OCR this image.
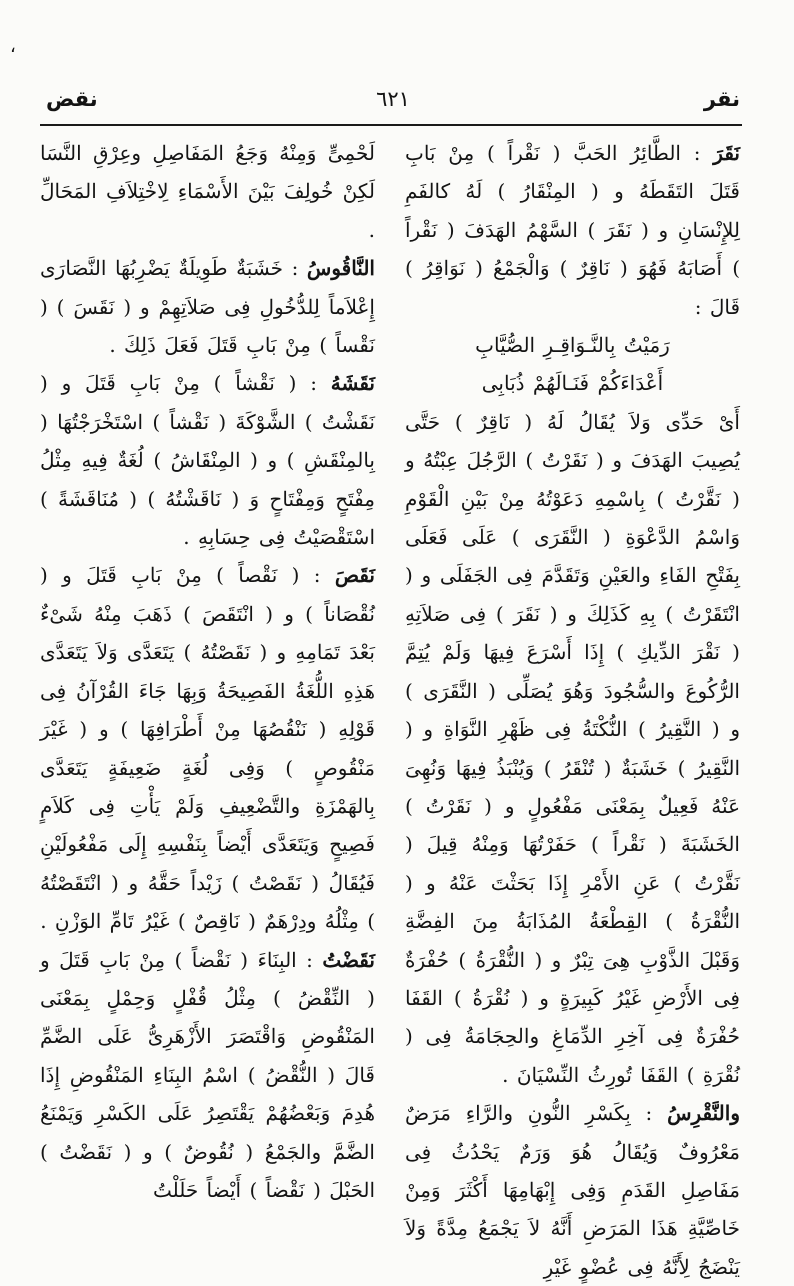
،
نقر
٦٢١
نقض

نَقَرَ : الطَّائِرُ الحَبَّ ( نَقْراً ) مِنْ بَابِ قَتَلَ التَقَطَهُ و ( المِنْقَارُ ) لَهُ كالفَمِ لِلإِنْسَانِ و ( نَقَرَ ) السَّهْمُ الهَدَفَ ( نَقْراً ) أَصَابَهُ فَهُوَ ( نَاقِرٌ ) وَالْجَمْعُ ( نَوَاقِرُ ) قَالَ :

رَمَيْتُ بِالنَّـوَاقِـرِ الصُّيَّابِ

أَعْدَاءَكُمْ فَنَـالَهُمْ ذُبَابِى

أَىْ حَدِّى وَلاَ يُقَالُ لَهُ ( نَاقِرٌ ) حَتَّى يُصِيبَ الهَدَفَ و ( نَقَرْتُ ) الرَّجُلَ عِبْتُهُ و ( نَقَّرْتُ ) بِاسْمِهِ دَعَوْتُهُ مِنْ بَيْنِ الْقَوْمِ وَاسْمُ الدَّعْوَةِ ( النَّقَرَى ) عَلَى فَعَلَى بِفَتْحِ الفَاءِ والعَيْنِ وَتَقَدَّمَ فِى الجَفَلَى و ( انْتَقَرْتُ ) بِهِ كَذَلِكَ و ( نَقَرَ ) فِى صَلاَتِهِ ( نَقْرَ الدِّيكِ ) إِذَا أَسْرَعَ فِيهَا وَلَمْ يُتِمَّ الرُّكُوعَ والسُّجُودَ وَهُوَ يُصَلِّى ( النَّقَرَى ) و ( النَّقِيرُ ) النُّكْتَةُ فِى ظَهْرِ النَّوَاةِ و ( النَّقِيرُ ) خَشَبَةٌ ( تُنْقَرُ ) وَيُنْبَذُ فِيهَا وَنُهِىَ عَنْهُ فَعِيلٌ بِمَعْنَى مَفْعُولٍ و ( نَقَرْتُ ) الخَشَبَةَ ( نَقْراً ) حَفَرْتُهَا وَمِنْهُ قِيلَ ( نَقَّرْتُ ) عَنِ الأَمْرِ إِذَا بَحَثْتَ عَنْهُ و ( النُّقْرَةُ ) القِطْعَةُ المُذَابَةُ مِنَ الفِضَّةِ وَقَبْلَ الذَّوْبِ هِىَ تِبْرٌ و ( النُّقْرَةُ ) حُفْرَةٌ فِى الأَرْضِ غَيْرُ كَبِيرَةٍ و ( نُقْرَةُ ) القَفَا حُفْرَةٌ فِى آخِرِ الدِّمَاغِ والحِجَامَةُ فِى ( نُقْرَةِ ) القَفَا تُورِثُ النِّسْيَانَ .

والنَّقْرِسُ : بِكَسْرِ النُّونِ والرَّاءِ مَرَضٌ مَعْرُوفٌ وَيُقَالُ هُوَ وَرَمٌ يَحْدُثُ فِى مَفَاصِلِ القَدَمِ وَفِى إِبْهَامِهَا أَكْثَرَ وَمِنْ خَاصِّيَّةِ هَذَا المَرَضِ أَنَّهُ لاَ يَجْمَعُ مِدَّةً وَلاَ يَنْضَجُ لِأَنَّهُ فِى عُضْوٍ غَيْرِ

لَحْمِىٍّ وَمِنْهُ وَجَعُ المَفَاصِلِ وعِرْقِ النَّسَا لَكِنْ خُولِفَ بَيْنَ الأَسْمَاءِ لِاخْتِلاَفِ المَحَالِّ .

النَّاقُوسُ : خَشَبَةٌ طَوِيلَةٌ يَضْرِبُهَا النَّصَارَى إِعْلاَماً لِلدُّخُولِ فِى صَلاَتِهِمْ و ( نَقَسَ ) ( نَقْساً ) مِنْ بَابِ قَتَلَ فَعَلَ ذَلِكَ .

نَقَشَهُ : ( نَقْشاً ) مِنْ بَابِ قَتَلَ و ( نَقَشْتُ ) الشَّوْكَةَ ( نَقْشاً ) اسْتَخْرَجْتُهَا ( بِالمِنْقَشِ ) و ( المِنْقَاشُ ) لُغَةٌ فِيهِ مِثْلُ مِفْتَحٍ وَمِفْتَاحٍ وَ ( نَاقَشْتُهُ ) ( مُنَاقَشَةً ) اسْتَقْصَيْتُ فِى حِسَابِهِ .

نَقَصَ : ( نَقْصاً ) مِنْ بَابِ قَتَلَ و ( نُقْصَاناً ) و ( انْتَقَصَ ) ذَهَبَ مِنْهُ شَىْءٌ بَعْدَ تَمَامِهِ و ( نَقَصْتُهُ ) يَتَعَدَّى وَلاَ يَتَعَدَّى هَذِهِ اللُّغَةُ الفَصِيحَةُ وَبِهَا جَاءَ القُرْآنُ فِى قَوْلِهِ ( نَنْقُصُهَا مِنْ أَطْرَافِهَا ) و ( غَيْرَ مَنْقُوصٍ ) وَفِى لُغَةٍ ضَعِيفَةٍ يَتَعَدَّى بِالهَمْزَةِ والتَّضْعِيفِ وَلَمْ يَأْتِ فِى كَلاَمٍ فَصِيحٍ وَيَتَعَدَّى أَيْضاً بِنَفْسِهِ إِلَى مَفْعُولَيْنِ فَيُقَالُ ( نَقَصْتُ ) زَيْداً حَقَّهُ و ( انْتَقَصْتُهُ ) مِثْلُهُ ودِرْهَمٌ ( نَاقِصٌ ) غَيْرُ تَامِّ الوَزْنِ .

نَقَضْتُ : البِنَاءَ ( نَقْضاً ) مِنْ بَابِ قَتَلَ و ( النِّقْضُ ) مِثْلُ قُفْلٍ وَحِمْلٍ بِمَعْنَى المَنْقُوضِ وَاقْتَصَرَ الأَزْهَرِىُّ عَلَى الضَّمِّ قَالَ ( النُّقْضُ ) اسْمُ البِنَاءِ المَنْقُوضِ إِذَا هُدِمَ وَبَعْضُهُمْ يَقْتَصِرُ عَلَى الكَسْرِ وَيَمْنَعُ الضَّمَّ والجَمْعُ ( نُقُوضٌ ) و ( نَقَضْتُ ) الحَبْلَ ( نَقْضاً ) أَيْضاً حَلَلْتُ
